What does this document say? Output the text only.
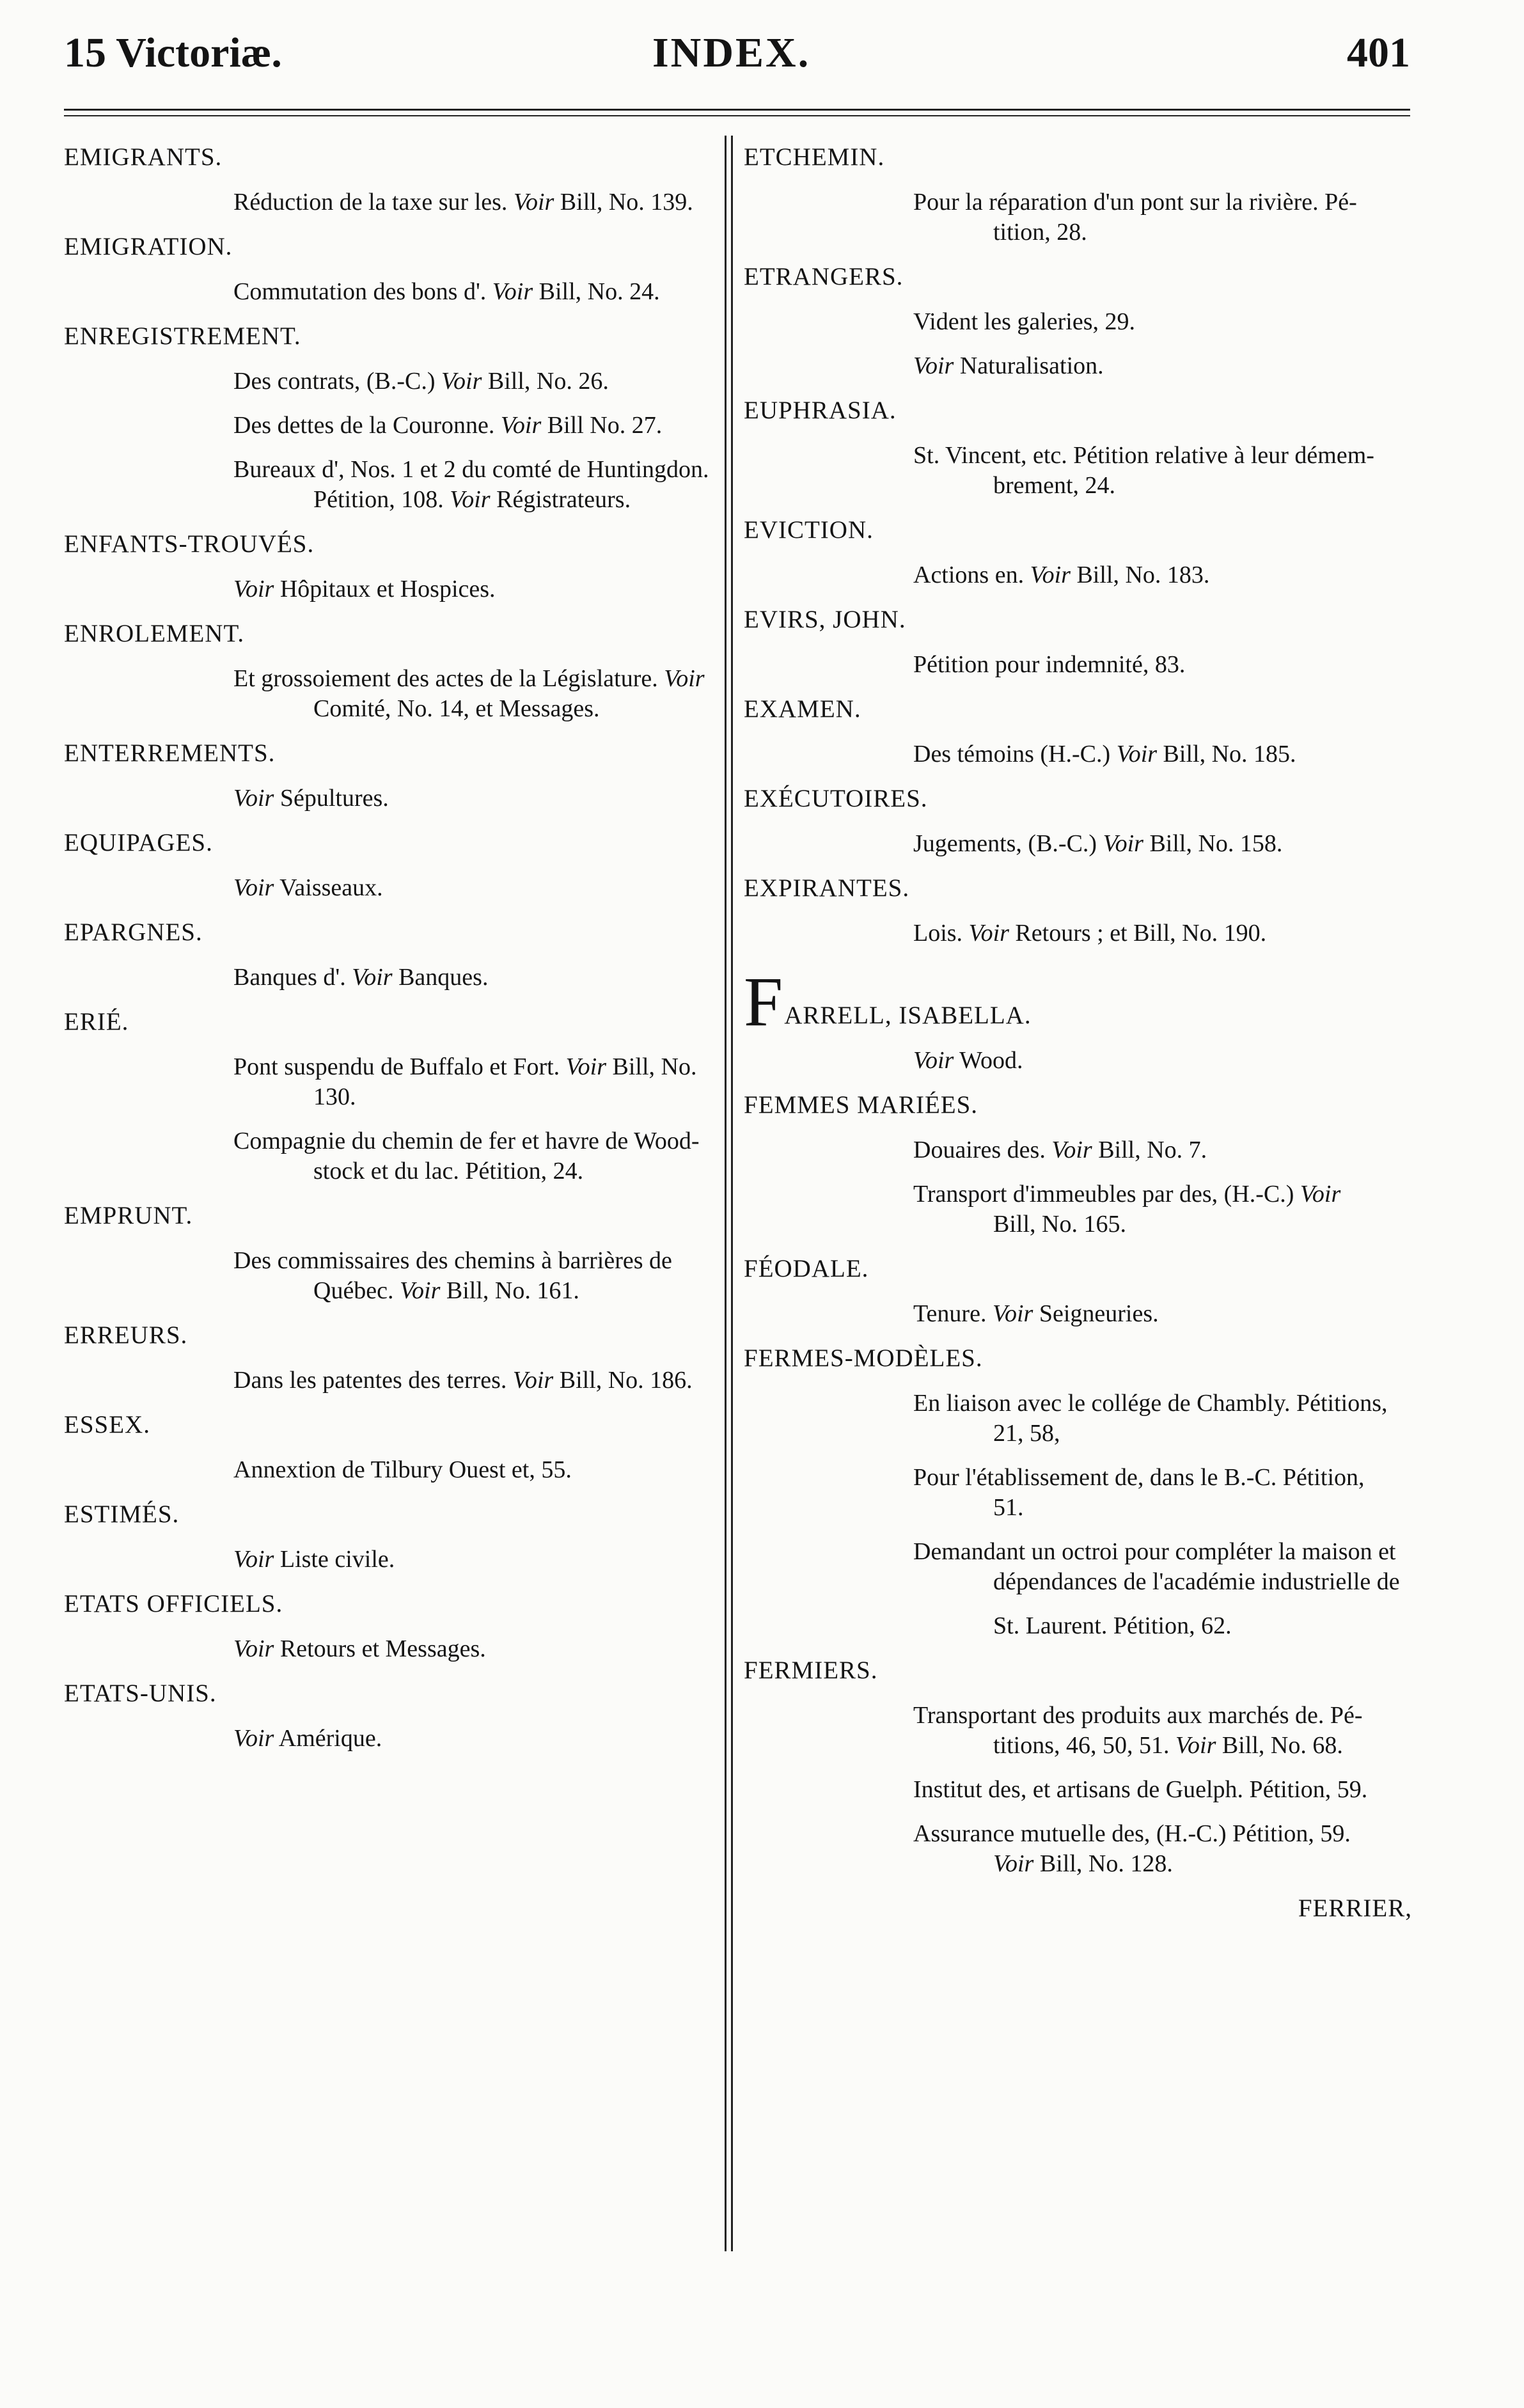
15 Victoriæ.	INDEX.	401
EMIGRANTS.
Réduction de la taxe sur les. Voir Bill, No. 139.
EMIGRATION.
Commutation des bons d'. Voir Bill, No. 24.
ENREGISTREMENT.
Des contrats, (B.-C.) Voir Bill, No. 26.
Des dettes de la Couronne. Voir Bill No. 27.
Bureaux d', Nos. 1 et 2 du comté de Huntingdon.
Pétition, 108. Voir Régistrateurs.
ENFANTS-TROUVÉS.
Voir Hôpitaux et Hospices.
ENROLEMENT.
Et grossoiement des actes de la Législature. Voir
Comité, No. 14, et Messages.
ENTERREMENTS.
Voir Sépultures.
EQUIPAGES.
Voir Vaisseaux.
EPARGNES.
Banques d'. Voir Banques.
ERIÉ.
Pont suspendu de Buffalo et Fort. Voir Bill, No.
130.
Compagnie du chemin de fer et havre de Wood-
stock et du lac. Pétition, 24.
EMPRUNT.
Des commissaires des chemins à barrières de
Québec. Voir Bill, No. 161.
ERREURS.
Dans les patentes des terres. Voir Bill, No. 186.
ESSEX.
Annextion de Tilbury Ouest et, 55.
ESTIMÉS.
Voir Liste civile.
ETATS OFFICIELS.
Voir Retours et Messages.
ETATS-UNIS.
Voir Amérique.
ETCHEMIN.
Pour la réparation d'un pont sur la rivière. Pé-
tition, 28.
ETRANGERS.
Vident les galeries, 29.
Voir Naturalisation.
EUPHRASIA.
St. Vincent, etc. Pétition relative à leur démem-
brement, 24.
EVICTION.
Actions en. Voir Bill, No. 183.
EVIRS, JOHN.
Pétition pour indemnité, 83.
EXAMEN.
Des témoins (H.-C.) Voir Bill, No. 185.
EXÉCUTOIRES.
Jugements, (B.-C.) Voir Bill, No. 158.
EXPIRANTES.
Lois. Voir Retours ; et Bill, No. 190.
F ARRELL, ISABELLA.
Voir Wood.
FEMMES MARIÉES.
Douaires des. Voir Bill, No. 7.
Transport d'immeubles par des, (H.-C.) Voir
Bill, No. 165.
FÉODALE.
Tenure. Voir Seigneuries.
FERMES-MODÈLES.
En liaison avec le collége de Chambly. Pétitions,
21, 58,
Pour l'établissement de, dans le B.-C. Pétition,
51.
Demandant un octroi pour compléter la maison et
dépendances de l'académie industrielle de
St. Laurent. Pétition, 62.
FERMIERS.
Transportant des produits aux marchés de. Pé-
titions, 46, 50, 51. Voir Bill, No. 68.
Institut des, et artisans de Guelph. Pétition, 59.
Assurance mutuelle des, (H.-C.) Pétition, 59.
Voir Bill, No. 128.
FERRIER,
